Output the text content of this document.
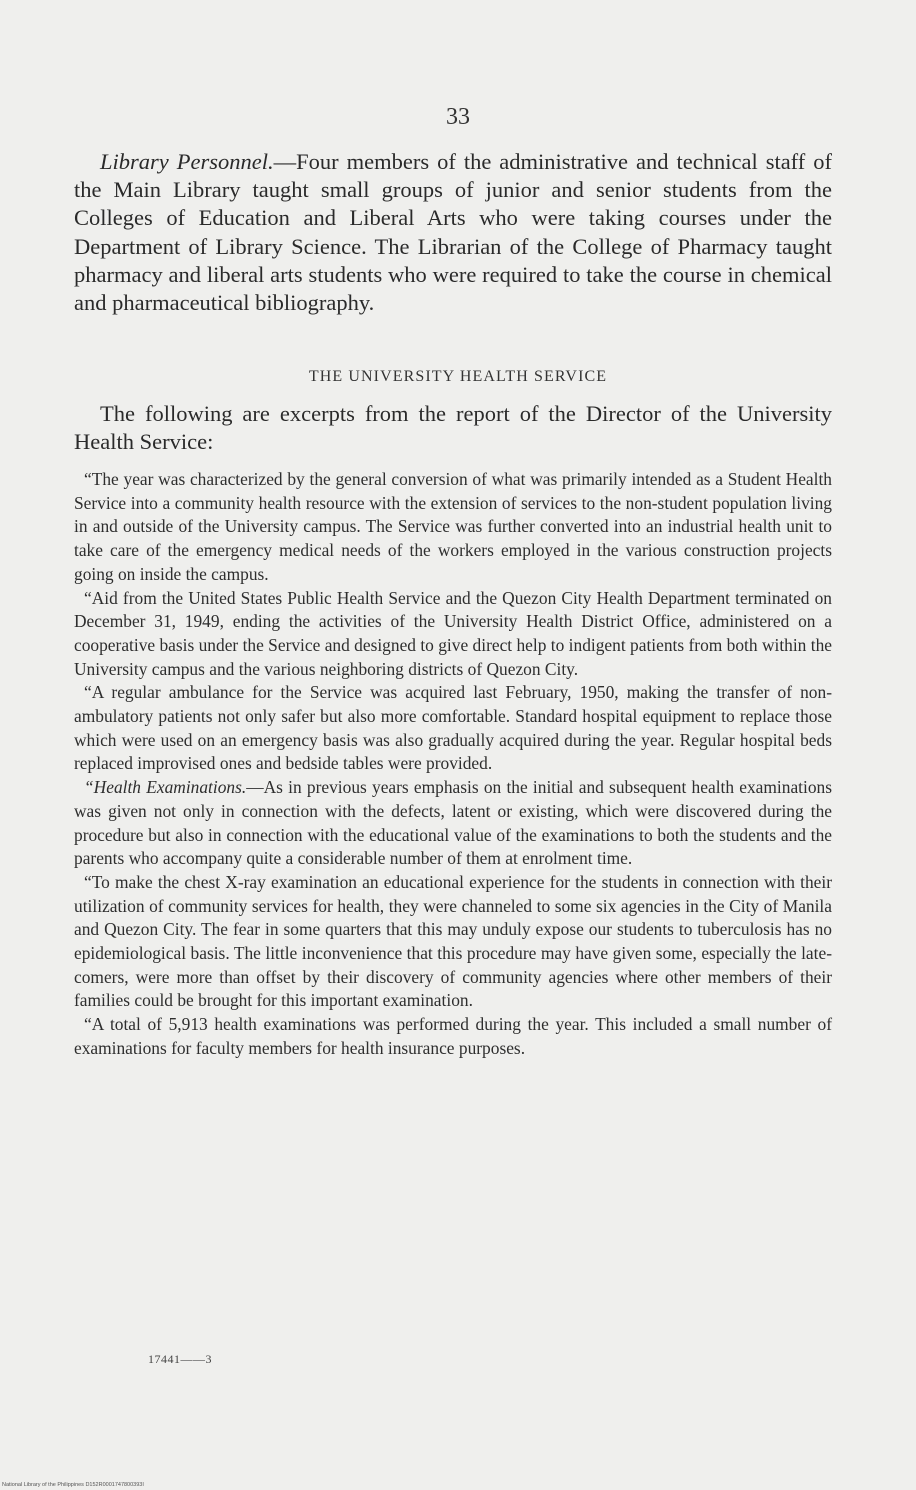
33

Library Personnel.—Four members of the administrative and technical staff of the Main Library taught small groups of junior and senior students from the Colleges of Education and Liberal Arts who were taking courses under the Department of Library Science. The Librarian of the College of Pharmacy taught pharmacy and liberal arts students who were required to take the course in chemical and pharmaceutical bibliography.

THE UNIVERSITY HEALTH SERVICE

The following are excerpts from the report of the Director of the University Health Service:

“The year was characterized by the general conversion of what was primarily intended as a Student Health Service into a community health resource with the extension of services to the non-student population living in and outside of the University campus. The Service was further converted into an industrial health unit to take care of the emergency medical needs of the workers employed in the various construction projects going on inside the campus.

“Aid from the United States Public Health Service and the Quezon City Health Department terminated on December 31, 1949, ending the activities of the University Health District Office, administered on a cooperative basis under the Service and designed to give direct help to indigent patients from both within the University campus and the various neighboring districts of Quezon City.

“A regular ambulance for the Service was acquired last February, 1950, making the transfer of non-ambulatory patients not only safer but also more comfortable. Standard hospital equipment to replace those which were used on an emergency basis was also gradually acquired during the year. Regular hospital beds replaced improvised ones and bedside tables were provided.

“Health Examinations.—As in previous years emphasis on the initial and subsequent health examinations was given not only in connection with the defects, latent or existing, which were discovered during the procedure but also in connection with the educational value of the examinations to both the students and the parents who accompany quite a considerable number of them at enrolment time.

“To make the chest X-ray examination an educational experience for the students in connection with their utilization of community services for health, they were channeled to some six agencies in the City of Manila and Quezon City. The fear in some quarters that this may unduly expose our students to tuberculosis has no epidemiological basis. The little inconvenience that this procedure may have given some, especially the late-comers, were more than offset by their discovery of community agencies where other members of their families could be brought for this important examination.

“A total of 5,913 health examinations was performed during the year. This included a small number of examinations for faculty members for health insurance purposes.

17441——3
National Library of the Philippines D152R0001747800393I
